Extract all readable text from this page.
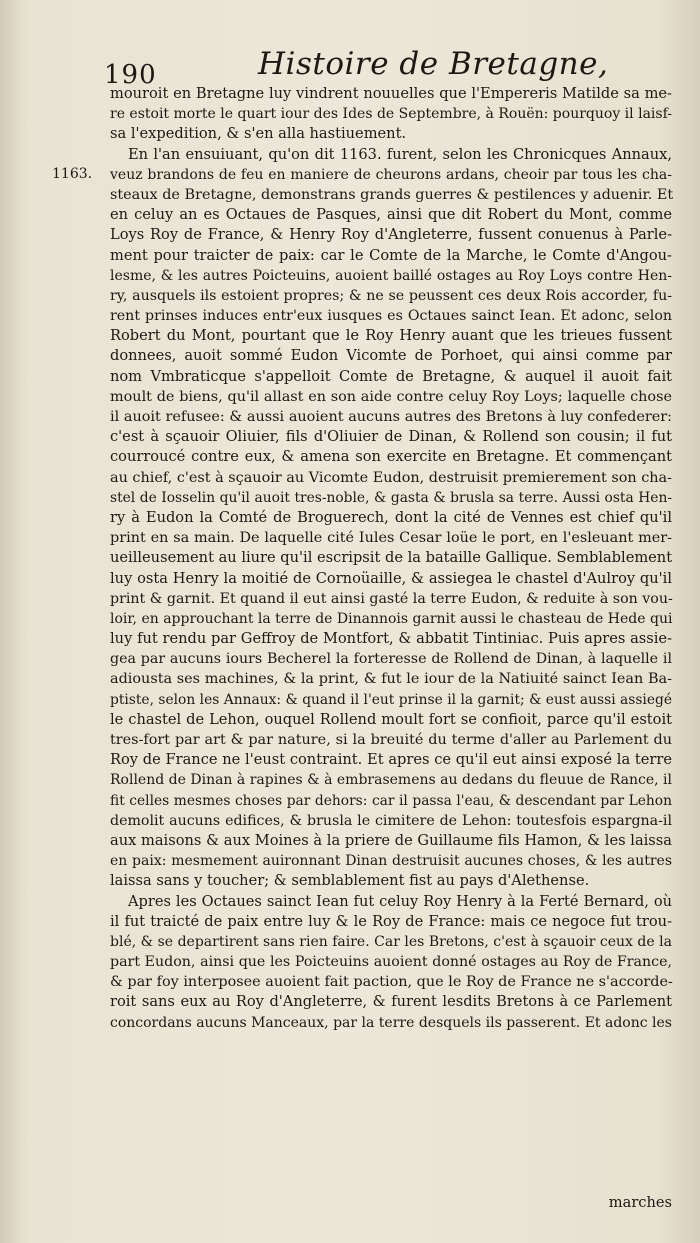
190	Histoire de Bretagne,
1163.
mouroit en Bretagne luy vindrent nouuelles que l'Empereris Matilde sa me-
re estoit morte le quart iour des Ides de Septembre, à Rouën: pourquoy il laisf-
sa l'expedition, & s'en alla hastiuement.
En l'an ensuiuant, qu'on dit 1163. furent, selon les Chronicques Annaux,
veuz brandons de feu en maniere de cheurons ardans, cheoir par tous les cha-
steaux de Bretagne, demonstrans grands guerres & pestilences y aduenir. Et
en celuy an es Octaues de Pasques, ainsi que dit Robert du Mont, comme
Loys Roy de France, & Henry Roy d'Angleterre, fussent conuenus à Parle-
ment pour traicter de paix: car le Comte de la Marche, le Comte d'Angou-
lesme, & les autres Poicteuins, auoient baillé ostages au Roy Loys contre Hen-
ry, ausquels ils estoient propres; & ne se peussent ces deux Rois accorder, fu-
rent prinses induces entr'eux iusques es Octaues sainct Iean. Et adonc, selon
Robert du Mont, pourtant que le Roy Henry auant que les trieues fussent
donnees, auoit sommé Eudon Vicomte de Porhoet, qui ainsi comme par
nom Vmbraticque s'appelloit Comte de Bretagne, & auquel il auoit fait
moult de biens, qu'il allast en son aide contre celuy Roy Loys; laquelle chose
il auoit refusee: & aussi auoient aucuns autres des Bretons à luy confederer:
c'est à sçauoir Oliuier, fils d'Oliuier de Dinan, & Rollend son cousin; il fut
courroucé contre eux, & amena son exercite en Bretagne. Et commençant
au chief, c'est à sçauoir au Vicomte Eudon, destruisit premierement son cha-
stel de Iosselin qu'il auoit tres-noble, & gasta & brusla sa terre. Aussi osta Hen-
ry à Eudon la Comté de Broguerech, dont la cité de Vennes est chief qu'il
print en sa main. De laquelle cité Iules Cesar loüe le port, en l'esleuant mer-
ueilleusement au liure qu'il escripsit de la bataille Gallique. Semblablement
luy osta Henry la moitié de Cornoüaille, & assiegea le chastel d'Aulroy qu'il
print & garnit. Et quand il eut ainsi gasté la terre Eudon, & reduite à son vou-
loir, en approuchant la terre de Dinannois garnit aussi le chasteau de Hede qui
luy fut rendu par Geffroy de Montfort, & abbatit Tintiniac. Puis apres assie-
gea par aucuns iours Becherel la forteresse de Rollend de Dinan, à laquelle il
adiousta ses machines, & la print, & fut le iour de la Natiuité sainct Iean Ba-
ptiste, selon les Annaux: & quand il l'eut prinse il la garnit; & eust aussi assiegé
le chastel de Lehon, ouquel Rollend moult fort se confioit, parce qu'il estoit
tres-fort par art & par nature, si la breuité du terme d'aller au Parlement du
Roy de France ne l'eust contraint. Et apres ce qu'il eut ainsi exposé la terre
Rollend de Dinan à rapines & à embrasemens au dedans du fleuue de Rance, il
fit celles mesmes choses par dehors: car il passa l'eau, & descendant par Lehon
demolit aucuns edifices, & brusla le cimitere de Lehon: toutesfois espargna-il
aux maisons & aux Moines à la priere de Guillaume fils Hamon, & les laissa
en paix: mesmement auironnant Dinan destruisit aucunes choses, & les autres
laissa sans y toucher; & semblablement fist au pays d'Alethense.
Apres les Octaues sainct Iean fut celuy Roy Henry à la Ferté Bernard, où
il fut traicté de paix entre luy & le Roy de France: mais ce negoce fut trou-
blé, & se departirent sans rien faire. Car les Bretons, c'est à sçauoir ceux de la
part Eudon, ainsi que les Poicteuins auoient donné ostages au Roy de France,
& par foy interposee auoient fait paction, que le Roy de France ne s'accorde-
roit sans eux au Roy d'Angleterre, & furent lesdits Bretons à ce Parlement
concordans aucuns Manceaux, par la terre desquels ils passerent. Et adonc les
marches
